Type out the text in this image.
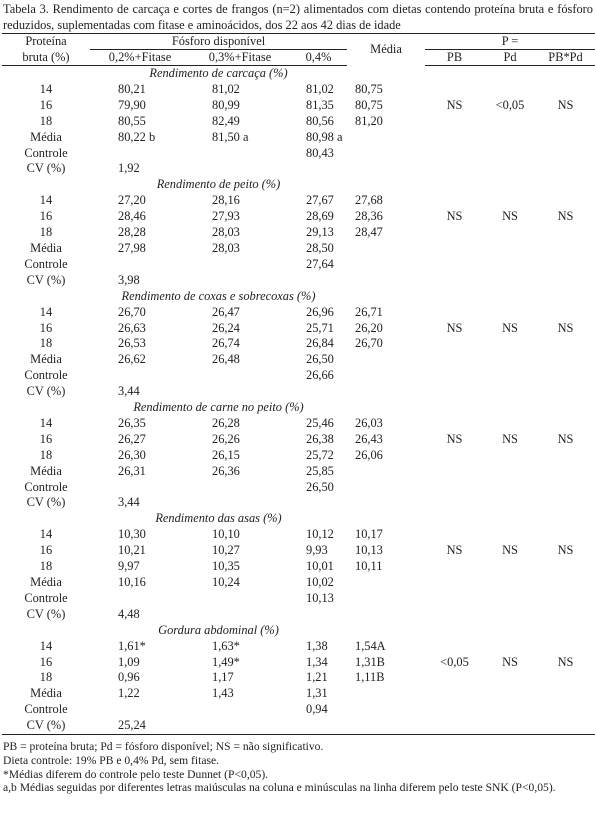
Tabela 3. Rendimento de carcaça e cortes de frangos (n=2) alimentados com dietas contendo proteína bruta e fósforo reduzidos, suplementadas com fitase e aminoácidos, dos 22 aos 42 dias de idade

Proteína	Fósforo disponível			Média	P =		
bruta (%)	0,2%+Fitase	0,3%+Fitase	0,4%		PB	Pd	PB*Pd
	Rendimento de carcaça (%)						
14	80,21	81,02	81,02	80,75			
16	79,90	80,99	81,35	80,75	NS	<0,05	NS
18	80,55	82,49	80,56	81,20			
Média	80,22 b	81,50 a	80,98 a				
Controle			80,43				
CV (%)	1,92						
	Rendimento de peito (%)						
14	27,20	28,16	27,67	27,68			
16	28,46	27,93	28,69	28,36	NS	NS	NS
18	28,28	28,03	29,13	28,47			
Média	27,98	28,03	28,50				
Controle			27,64				
CV (%)	3,98						
	Rendimento de coxas e sobrecoxas (%)						
14	26,70	26,47	26,96	26,71			
16	26,63	26,24	25,71	26,20	NS	NS	NS
18	26,53	26,74	26,84	26,70			
Média	26,62	26,48	26,50				
Controle			26,66				
CV (%)	3,44						
	Rendimento de carne no peito (%)						
14	26,35	26,28	25,46	26,03			
16	26,27	26,26	26,38	26,43	NS	NS	NS
18	26,30	26,15	25,72	26,06			
Média	26,31	26,36	25,85				
Controle			26,50				
CV (%)	3,44						
	Rendimento das asas (%)						
14	10,30	10,10	10,12	10,17			
16	10,21	10,27	9,93	10,13	NS	NS	NS
18	9,97	10,35	10,01	10,11			
Média	10,16	10,24	10,02				
Controle			10,13				
CV (%)	4,48						
	Gordura abdominal (%)						
14	1,61*	1,63*	1,38	1,54A			
16	1,09	1,49*	1,34	1,31B	<0,05	NS	NS
18	0,96	1,17	1,21	1,11B			
Média	1,22	1,43	1,31				
Controle			0,94				
CV (%)	25,24						

PB = proteína bruta; Pd = fósforo disponível; NS = não significativo.

Dieta controle: 19% PB e 0,4% Pd, sem fitase.

*Médias diferem do controle pelo teste Dunnet (P<0,05).

a,b Médias seguidas por diferentes letras maiúsculas na coluna e minúsculas na linha diferem pelo teste SNK (P<0,05).
